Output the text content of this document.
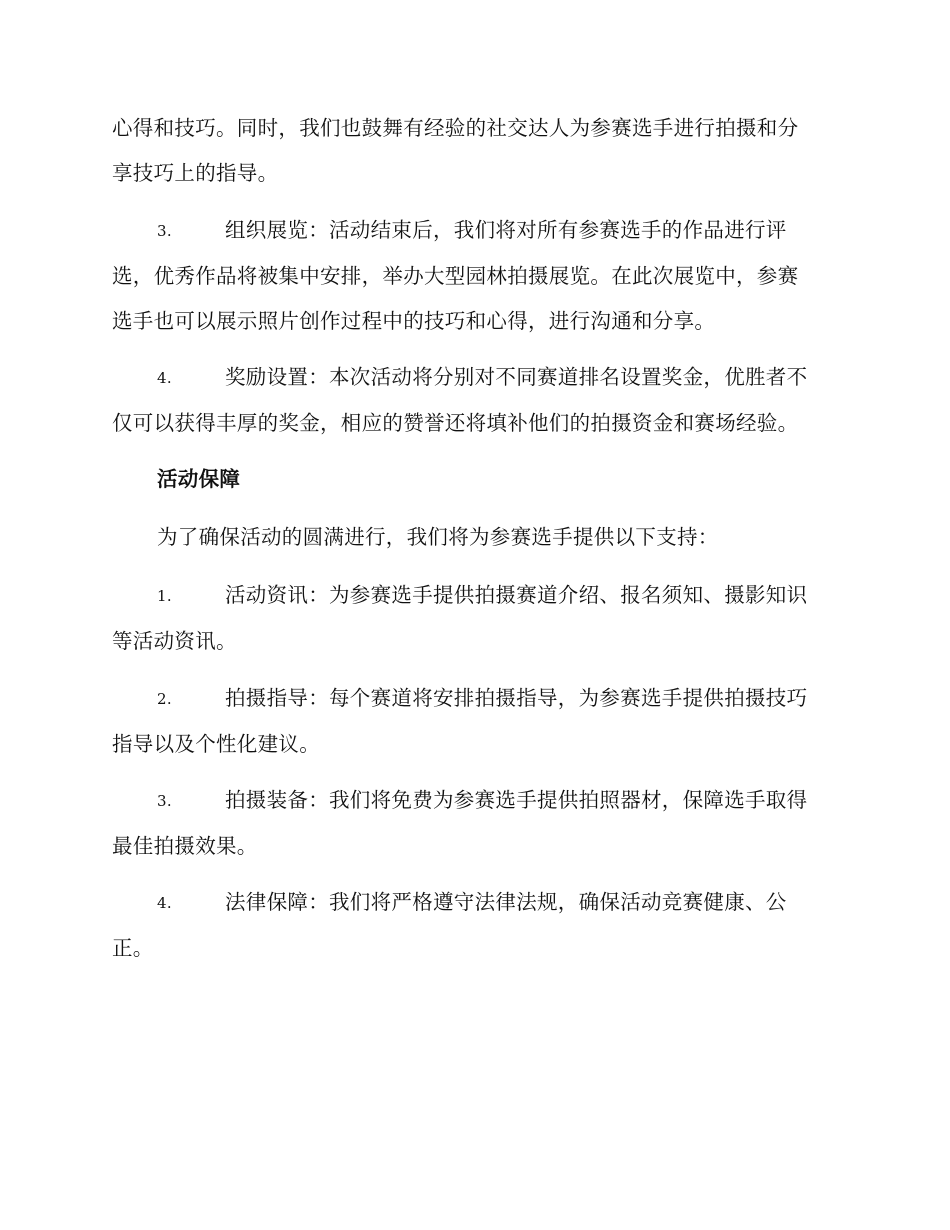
心得和技巧。同时，我们也鼓舞有经验的社交达人为参赛选手进行拍摄和分
享技巧上的指导。
3.	组织展览：活动结束后，我们将对所有参赛选手的作品进行评
选，优秀作品将被集中安排，举办大型园林拍摄展览。在此次展览中，参赛
选手也可以展示照片创作过程中的技巧和心得，进行沟通和分享。
4.	奖励设置：本次活动将分别对不同赛道排名设置奖金，优胜者不
仅可以获得丰厚的奖金，相应的赞誉还将填补他们的拍摄资金和赛场经验。
活动保障
为了确保活动的圆满进行，我们将为参赛选手提供以下支持：
1.	活动资讯：为参赛选手提供拍摄赛道介绍、报名须知、摄影知识
等活动资讯。
2.	拍摄指导：每个赛道将安排拍摄指导，为参赛选手提供拍摄技巧
指导以及个性化建议。
3.	拍摄装备：我们将免费为参赛选手提供拍照器材，保障选手取得
最佳拍摄效果。
4.	法律保障：我们将严格遵守法律法规，确保活动竞赛健康、公
正。
